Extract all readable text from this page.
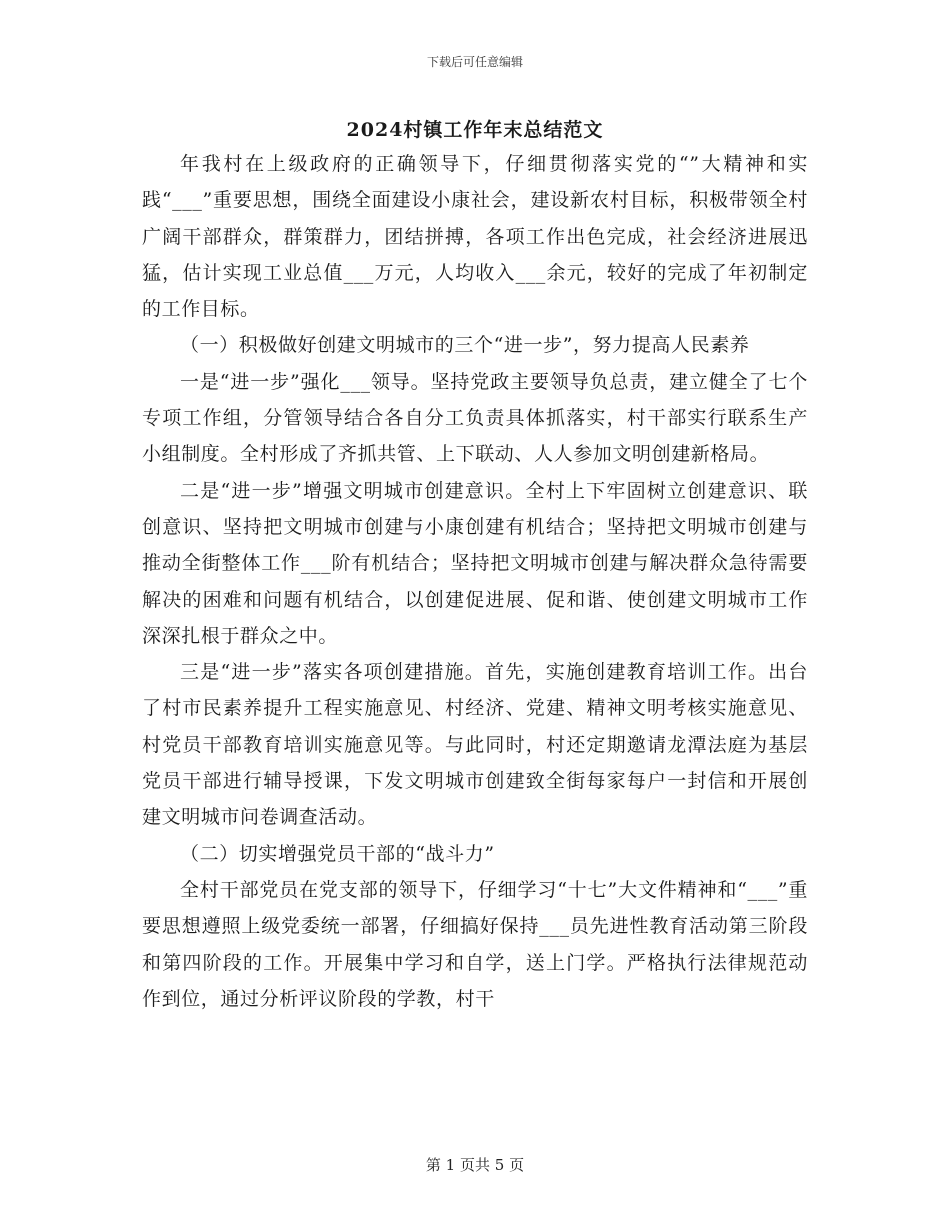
下载后可任意编辑
2024村镇工作年末总结范文

年我村在上级政府的正确领导下，仔细贯彻落实党的“”大精神和实践“___”重要思想，围绕全面建设小康社会，建设新农村目标，积极带领全村广阔干部群众，群策群力，团结拼搏，各项工作出色完成，社会经济进展迅猛，估计实现工业总值___万元，人均收入___余元，较好的完成了年初制定的工作目标。

（一）积极做好创建文明城市的三个“进一步”，努力提高人民素养

一是“进一步”强化___领导。坚持党政主要领导负总责，建立健全了七个专项工作组，分管领导结合各自分工负责具体抓落实，村干部实行联系生产小组制度。全村形成了齐抓共管、上下联动、人人参加文明创建新格局。

二是“进一步”增强文明城市创建意识。全村上下牢固树立创建意识、联创意识、坚持把文明城市创建与小康创建有机结合；坚持把文明城市创建与推动全街整体工作___阶有机结合；坚持把文明城市创建与解决群众急待需要解决的困难和问题有机结合，以创建促进展、促和谐、使创建文明城市工作深深扎根于群众之中。

三是“进一步”落实各项创建措施。首先，实施创建教育培训工作。出台了村市民素养提升工程实施意见、村经济、党建、精神文明考核实施意见、村党员干部教育培训实施意见等。与此同时，村还定期邀请龙潭法庭为基层党员干部进行辅导授课，下发文明城市创建致全街每家每户一封信和开展创建文明城市问卷调查活动。

（二）切实增强党员干部的“战斗力”

全村干部党员在党支部的领导下，仔细学习“十七”大文件精神和“___”重要思想遵照上级党委统一部署，仔细搞好保持___员先进性教育活动第三阶段和第四阶段的工作。开展集中学习和自学，送上门学。严格执行法律规范动作到位，通过分析评议阶段的学教，村干

第 1 页共 5 页
